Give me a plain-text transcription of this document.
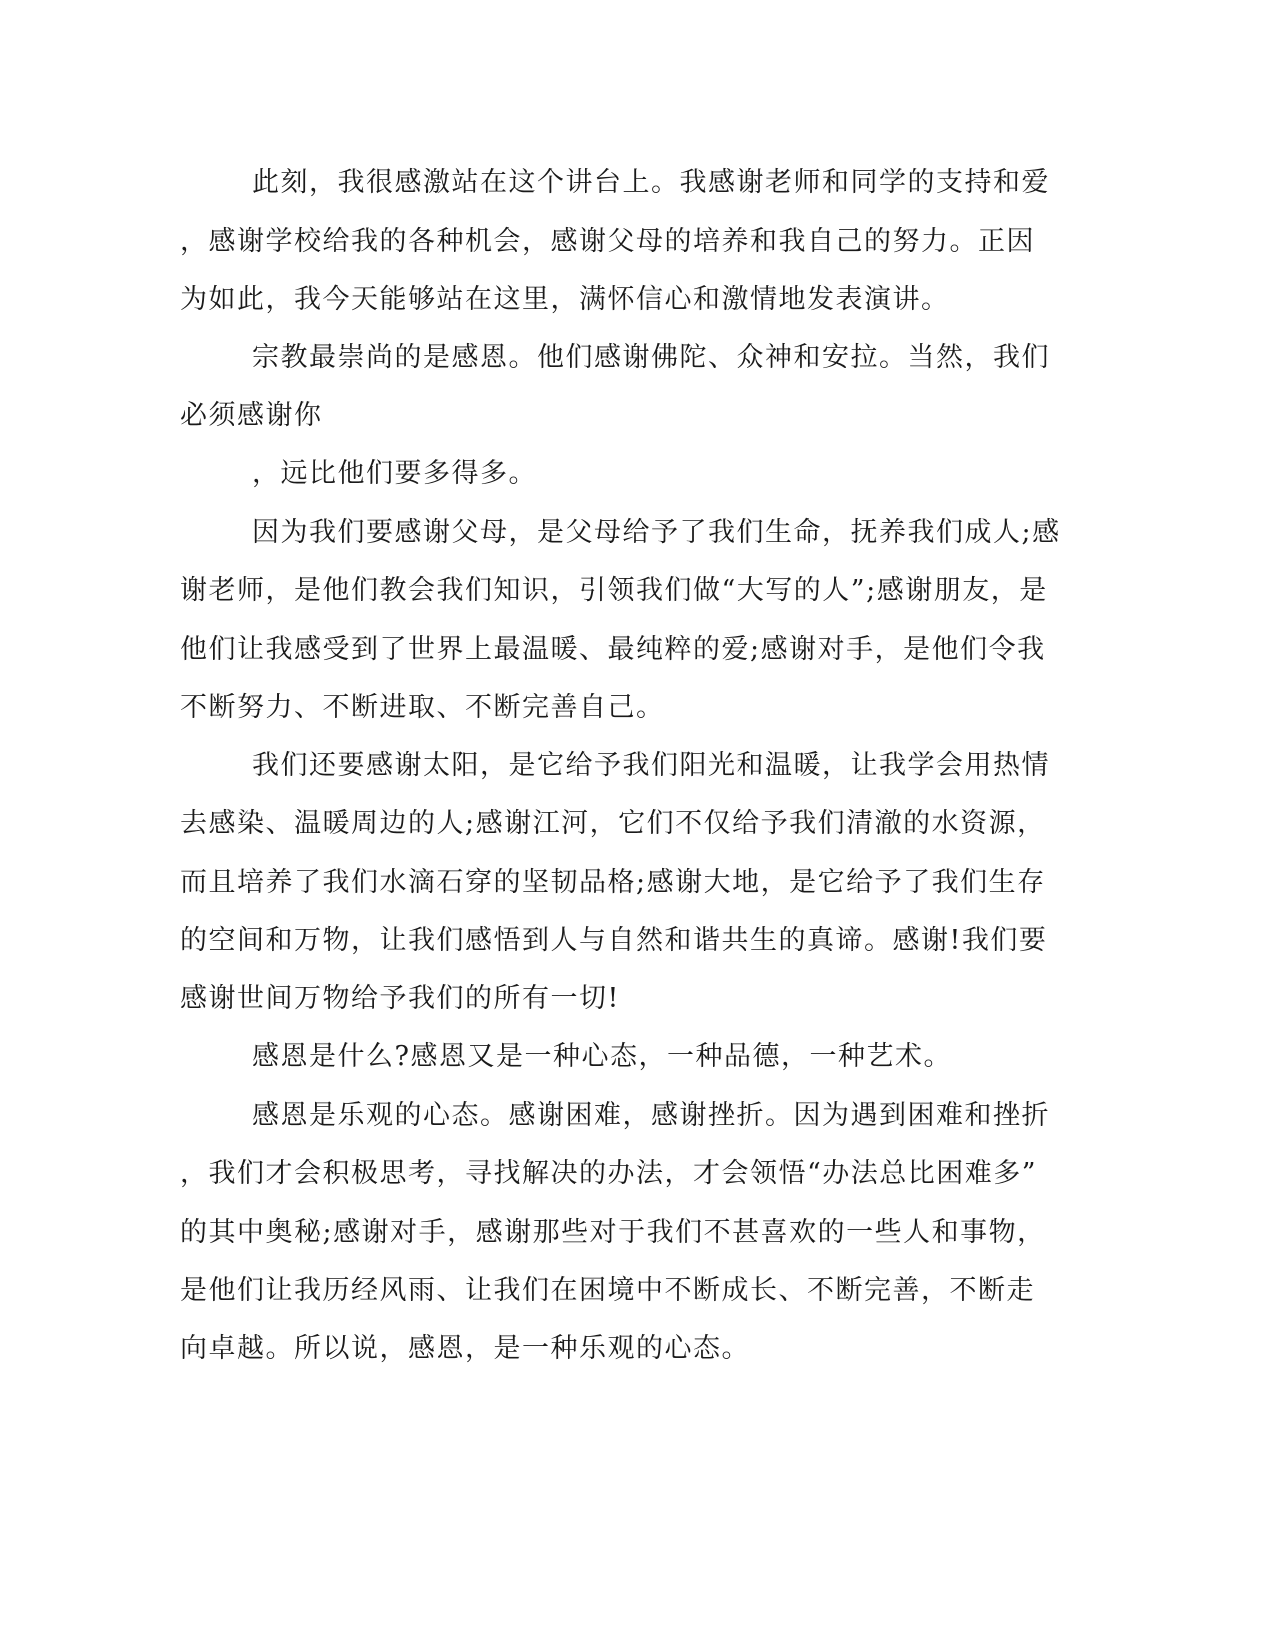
此刻，我很感激站在这个讲台上。我感谢老师和同学的支持和爱

，感谢学校给我的各种机会，感谢父母的培养和我自己的努力。正因

为如此，我今天能够站在这里，满怀信心和激情地发表演讲。

宗教最崇尚的是感恩。他们感谢佛陀、众神和安拉。当然，我们

必须感谢你

，远比他们要多得多。

因为我们要感谢父母，是父母给予了我们生命，抚养我们成人;感

谢老师，是他们教会我们知识，引领我们做“大写的人”;感谢朋友，是

他们让我感受到了世界上最温暖、最纯粹的爱;感谢对手，是他们令我

不断努力、不断进取、不断完善自己。

我们还要感谢太阳，是它给予我们阳光和温暖，让我学会用热情

去感染、温暖周边的人;感谢江河，它们不仅给予我们清澈的水资源，

而且培养了我们水滴石穿的坚韧品格;感谢大地，是它给予了我们生存

的空间和万物，让我们感悟到人与自然和谐共生的真谛。感谢!我们要

感谢世间万物给予我们的所有一切!

感恩是什么?感恩又是一种心态，一种品德，一种艺术。

感恩是乐观的心态。感谢困难，感谢挫折。因为遇到困难和挫折

，我们才会积极思考，寻找解决的办法，才会领悟“办法总比困难多”

的其中奥秘;感谢对手，感谢那些对于我们不甚喜欢的一些人和事物，

是他们让我历经风雨、让我们在困境中不断成长、不断完善，不断走

向卓越。所以说，感恩，是一种乐观的心态。
